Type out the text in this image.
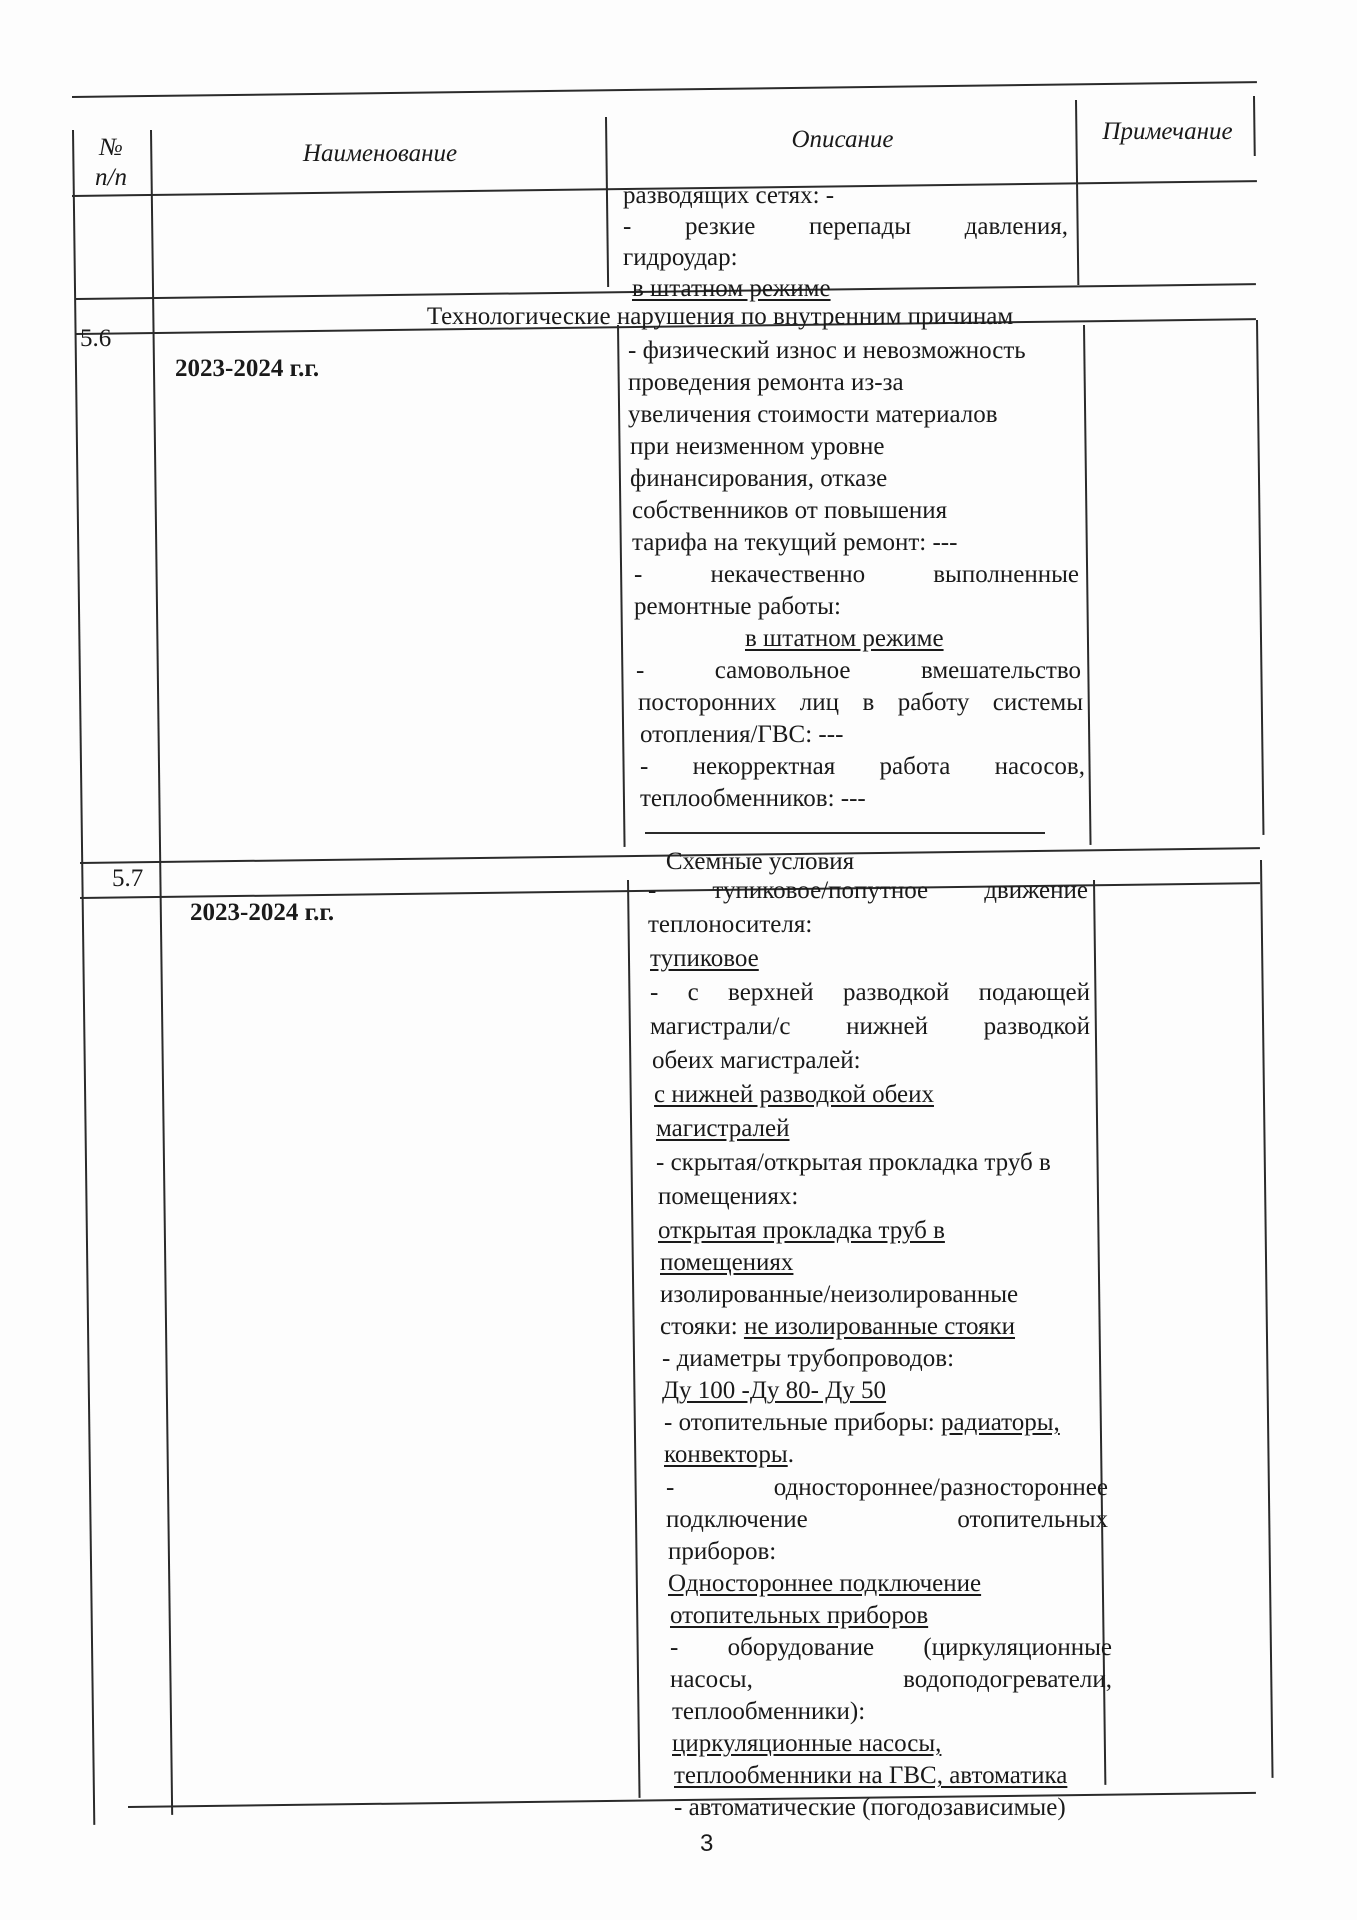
№
п/п
Наименование
Описание	Примечание
разводящих сетях: -
- резкие перепады давления,
гидроудар:
в штатном режиме
5.6
Технологические нарушения по внутренним причинам
2023-2024 г.г.
- физический износ и невозможность
проведения ремонта из-за
увеличения стоимости материалов
при неизменном уровне
финансирования, отказе
собственников от повышения
тарифа на текущий ремонт: ---
- некачественно выполненные
ремонтные работы:
в штатном режиме
- самовольное вмешательство
посторонних лиц в работу системы
отопления/ГВС: ---
- некорректная работа насосов,
теплообменников: ---
5.7
Схемные условия
2023-2024 г.г.
- тупиковое/попутное движение
теплоносителя:
тупиковое
- с верхней разводкой подающей
магистрали/с нижней разводкой
обеих магистралей:
с нижней разводкой обеих
магистралей
- скрытая/открытая прокладка труб в
помещениях:
открытая прокладка труб в
помещениях
изолированные/неизолированные
стояки: не изолированные стояки
- диаметры трубопроводов:
Ду 100 -Ду 80- Ду 50
- отопительные приборы: радиаторы,
конвекторы.
- одностороннее/разностороннее
подключение отопительных
приборов:
Одностороннее подключение
отопительных приборов
- оборудование (циркуляционные
насосы, водоподогреватели,
теплообменники):
циркуляционные насосы,
теплообменники на ГВС, автоматика
- автоматические (погодозависимые)
3
